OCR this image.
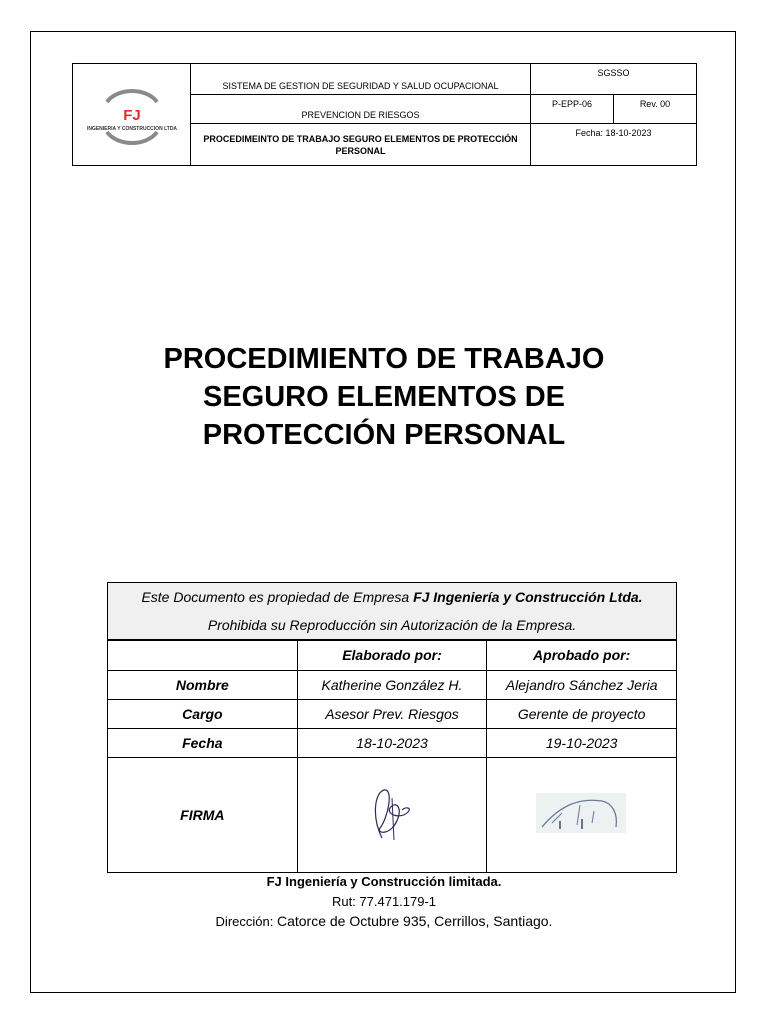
FJ
INGENIERIA Y CONSTRUCCION LTDA	SISTEMA DE GESTION DE SEGURIDAD Y SALUD OCUPACIONAL	SGSSO	
	PREVENCION DE RIESGOS	P-EPP-06	Rev. 00
	PROCEDIMEINTO DE TRABAJO SEGURO ELEMENTOS DE PROTECCIÓN PERSONAL	Fecha: 18-10-2023	
PROCEDIMIENTO DE TRABAJO
SEGURO ELEMENTOS DE
PROTECCIÓN PERSONAL
Este Documento es propiedad de Empresa FJ Ingeniería y Construcción Ltda.
Prohibida su Reproducción sin Autorización de la Empresa.		

	Elaborado por:	Aprobado por:
Nombre	Katherine González H.	Alejandro Sánchez Jeria
Cargo	Asesor Prev. Riesgos	Gerente de proyecto
Fecha	18-10-2023	19-10-2023
FIRMA		
FJ Ingeniería y Construcción limitada.
Rut: 77.471.179-1
Dirección: Catorce de Octubre 935, Cerrillos, Santiago.
